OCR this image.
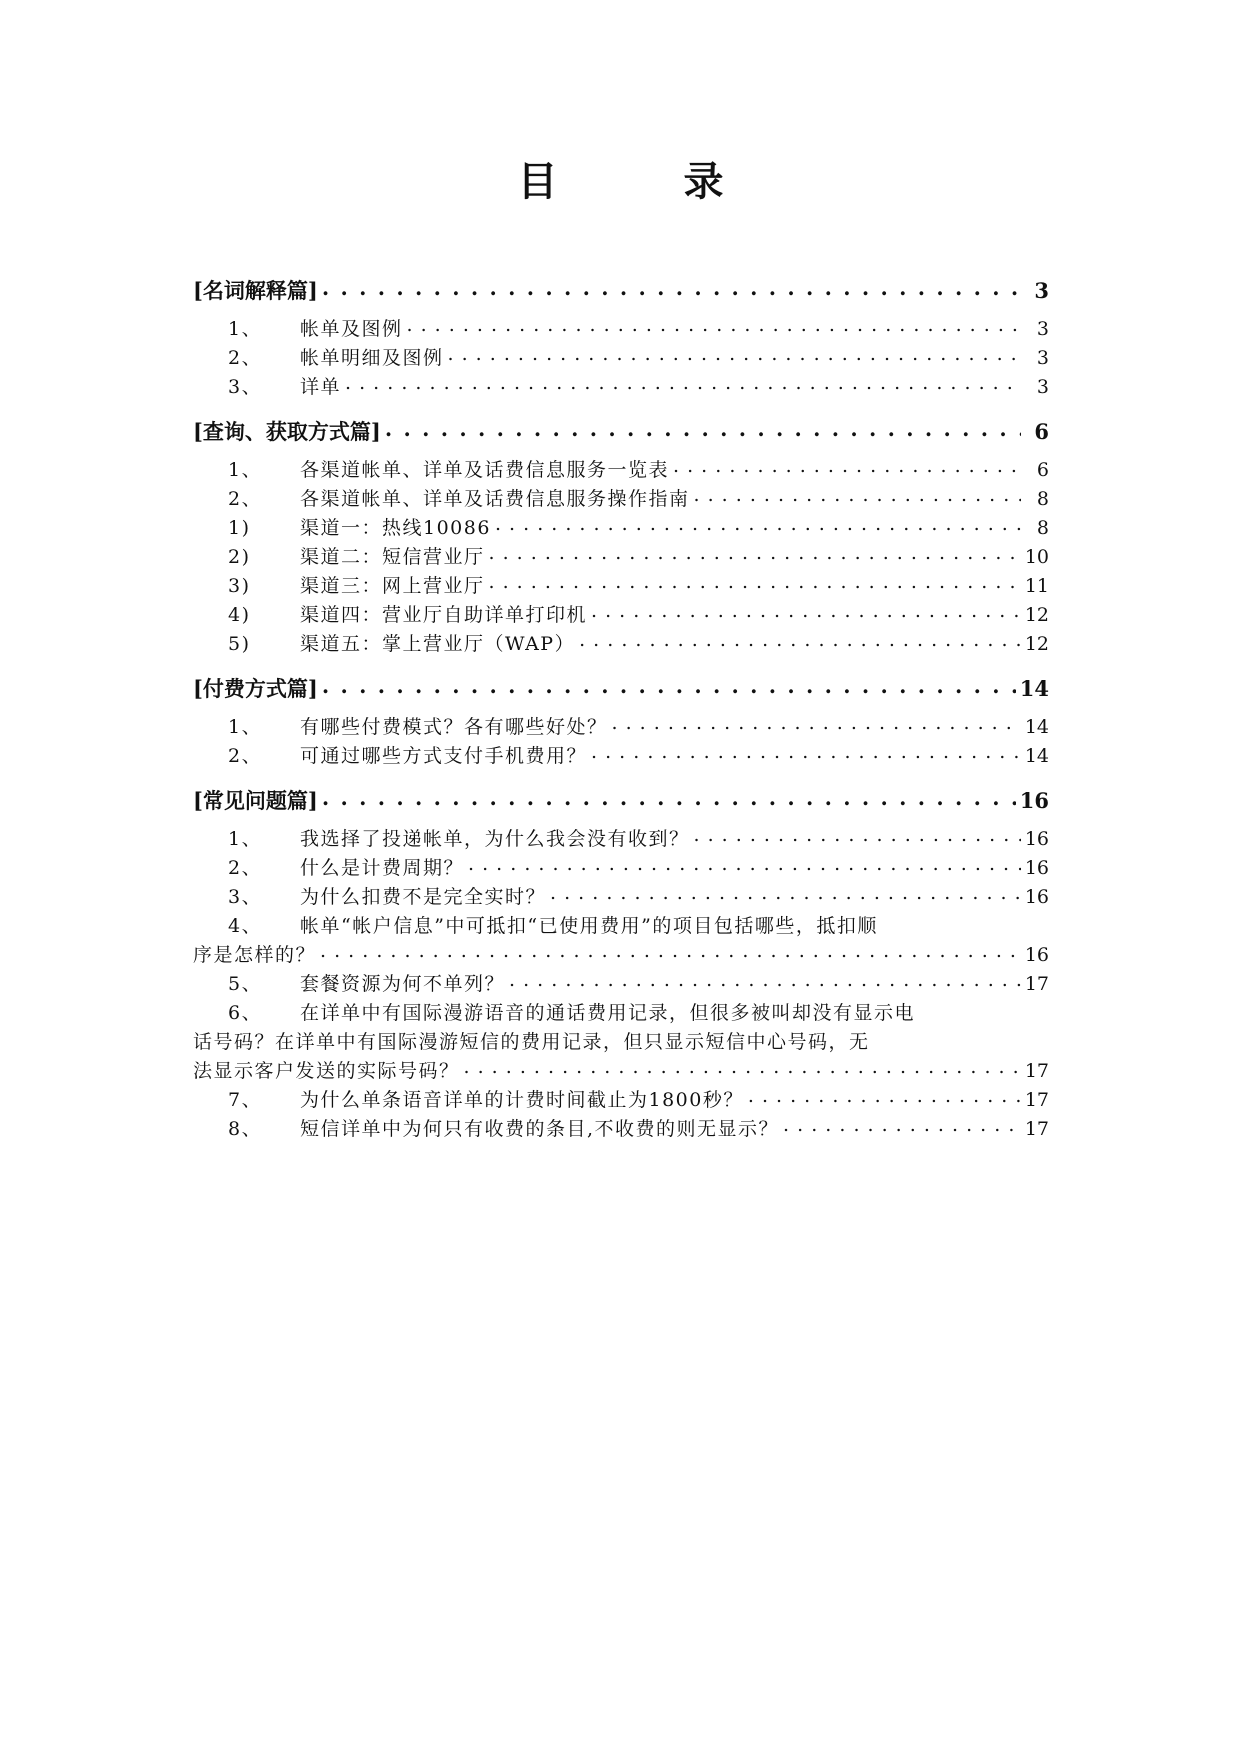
目 录
[名词解释篇] . . .	3
1、	帐单及图例 . . .	3
2、	帐单明细及图例 . . .	3
3、	详单 . . .	3
[查询、获取方式篇] . . .	6
1、	各渠道帐单、详单及话费信息服务一览表 . . .	6
2、	各渠道帐单、详单及话费信息服务操作指南 . . .	8
1)	渠道一：热线10086 . . .	8
2)	渠道二：短信营业厅 . . .	10
3)	渠道三：网上营业厅 . . .	11
4)	渠道四：营业厅自助详单打印机 . . .	12
5)	渠道五：掌上营业厅（WAP） . . .	12
[付费方式篇] . . .	14
1、	有哪些付费模式？各有哪些好处？ . . .	14
2、	可通过哪些方式支付手机费用？ . . .	14
[常见问题篇] . . .	16
1、	我选择了投递帐单，为什么我会没有收到？ . . .	16
2、	什么是计费周期？ . . .	16
3、	为什么扣费不是完全实时？ . . .	16
4、 帐单“帐户信息”中可抵扣“已使用费用”的项目包括哪些，抵扣顺
序是怎样的？ . . .	16
5、	套餐资源为何不单列？ . . .	17
6、 在详单中有国际漫游语音的通话费用记录，但很多被叫却没有显示电
话号码？在详单中有国际漫游短信的费用记录，但只显示短信中心号码，无
法显示客户发送的实际号码？ . . .	17
7、	为什么单条语音详单的计费时间截止为1800秒？ . . .	17
8、	短信详单中为何只有收费的条目,不收费的则无显示？ . . .	17
